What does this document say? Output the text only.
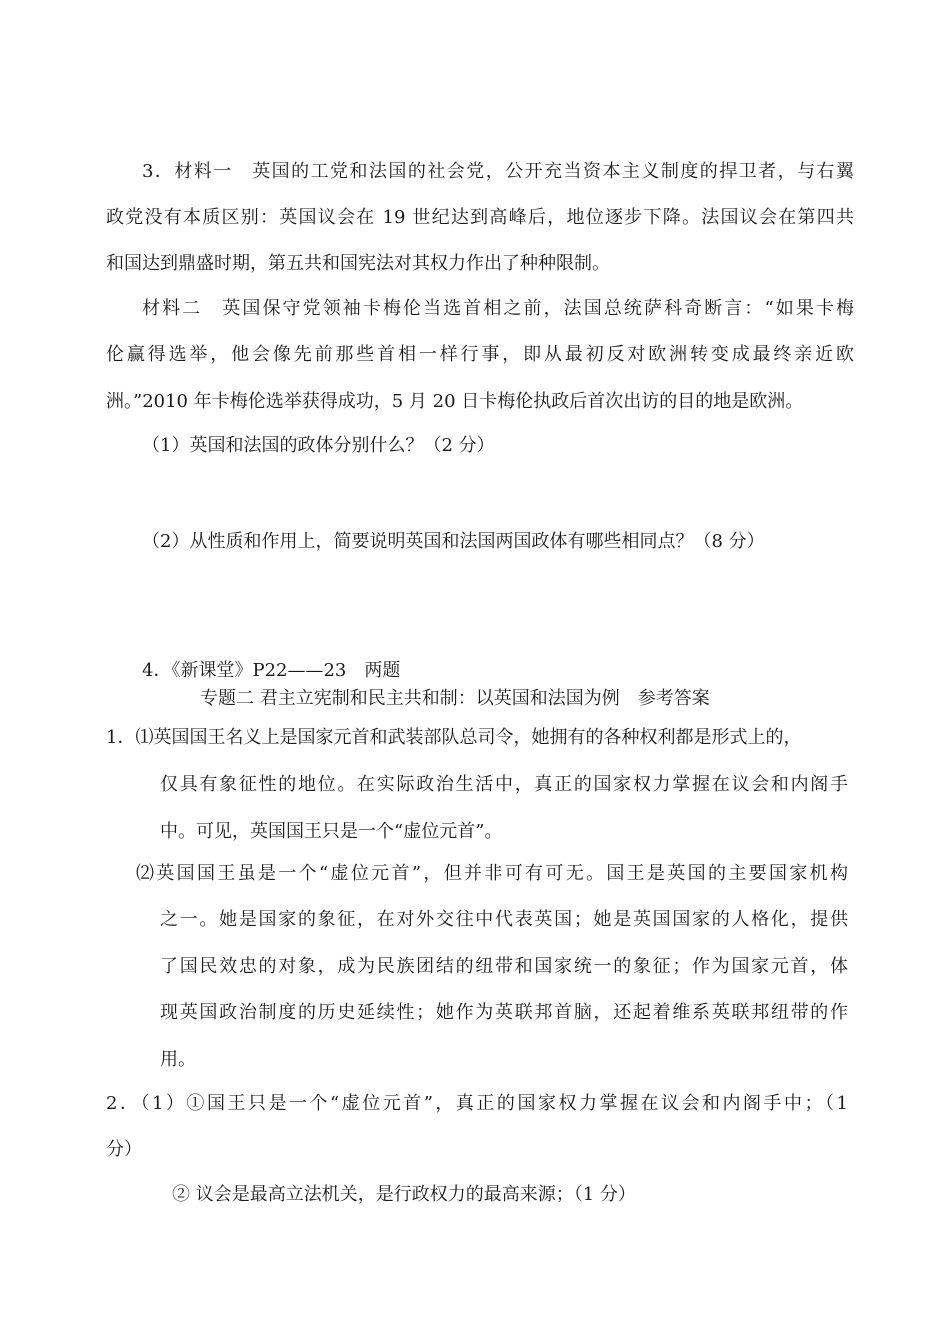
3．材料一　英国的工党和法国的社会党，公开充当资本主义制度的捍卫者，与右翼
政党没有本质区别：英国议会在 19 世纪达到高峰后，地位逐步下降。法国议会在第四共
和国达到鼎盛时期，第五共和国宪法对其权力作出了种种限制。
材料二　英国保守党领袖卡梅伦当选首相之前，法国总统萨科奇断言：“如果卡梅
伦赢得选举，他会像先前那些首相一样行事，即从最初反对欧洲转变成最终亲近欧
洲。”2010 年卡梅伦选举获得成功，5 月 20 日卡梅伦执政后首次出访的目的地是欧洲。
（1）英国和法国的政体分别什么？（2 分）
（2）从性质和作用上，简要说明英国和法国两国政体有哪些相同点？（8 分）
4．《新课堂》P22——23　两题
专题二 君主立宪制和民主共和制：以英国和法国为例　参考答案
1．⑴英国国王名义上是国家元首和武装部队总司令，她拥有的各种权利都是形式上的，
仅具有象征性的地位。在实际政治生活中，真正的国家权力掌握在议会和内阁手
中。可见，英国国王只是一个“虚位元首”。
⑵英国国王虽是一个“虚位元首”，但并非可有可无。国王是英国的主要国家机构
之一。她是国家的象征，在对外交往中代表英国；她是英国国家的人格化，提供
了国民效忠的对象，成为民族团结的纽带和国家统一的象征；作为国家元首，体
现英国政治制度的历史延续性；她作为英联邦首脑，还起着维系英联邦纽带的作
用。
2．（1）①国王只是一个“虚位元首”，真正的国家权力掌握在议会和内阁手中；（1
分）
② 议会是最高立法机关，是行政权力的最高来源；（1 分）
